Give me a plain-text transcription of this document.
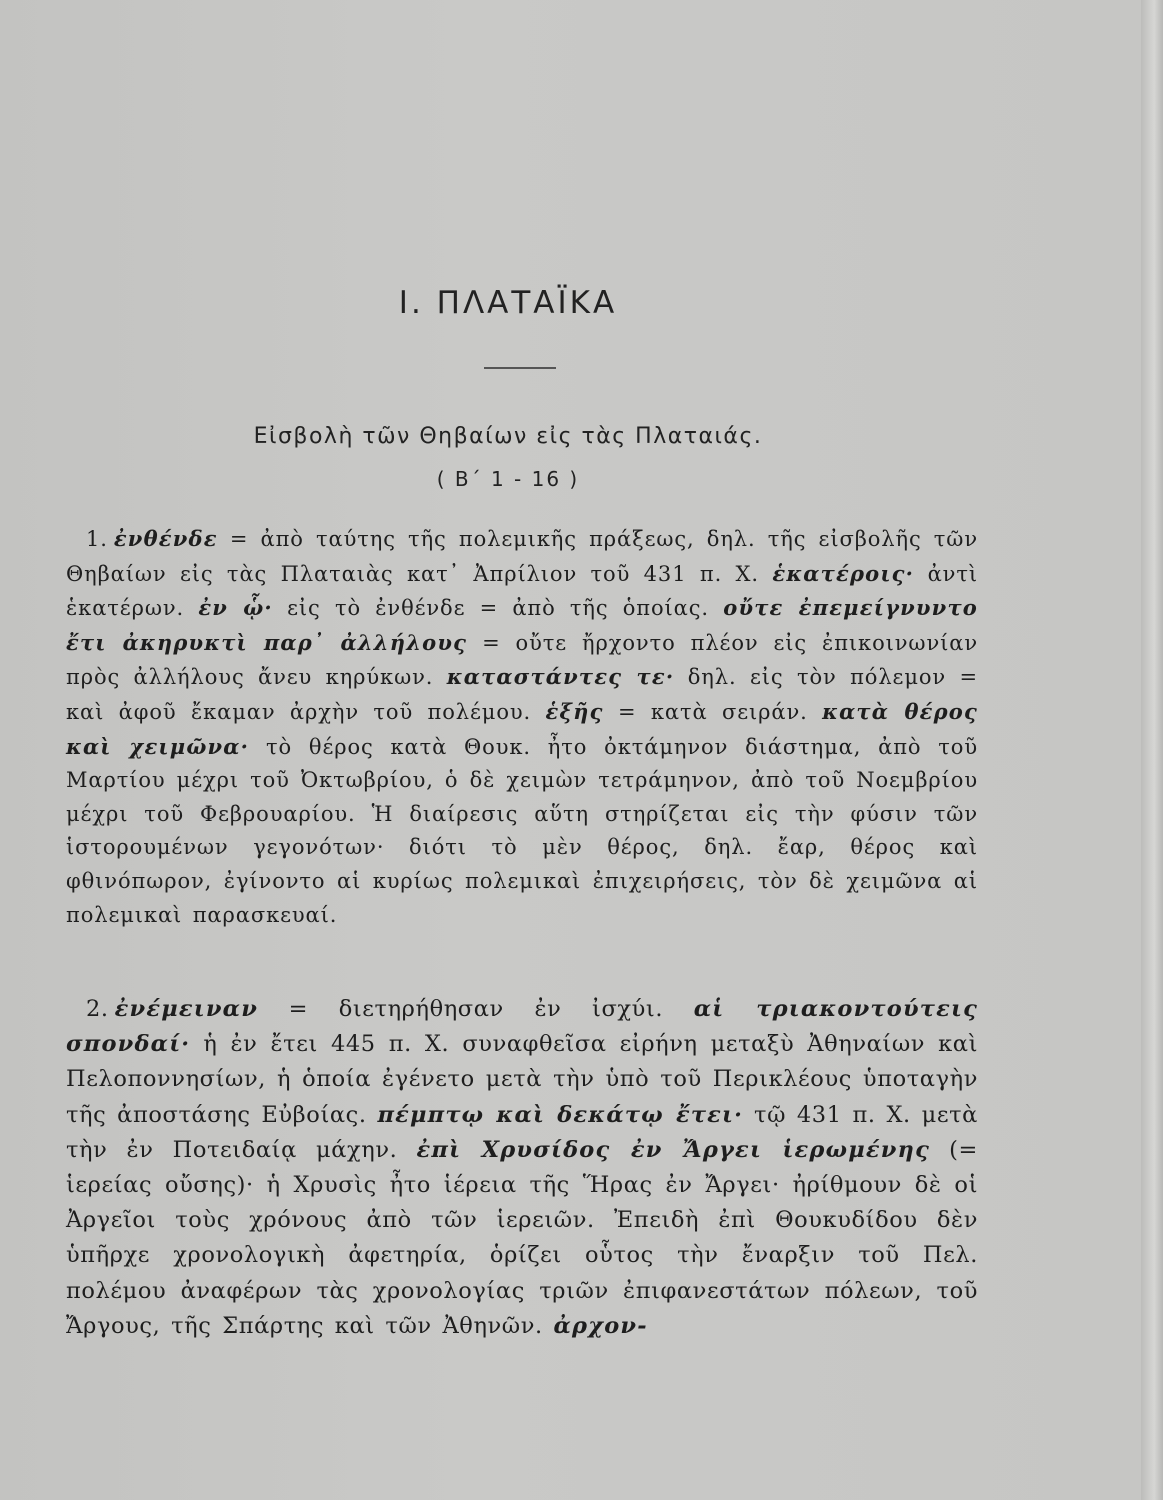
Ι. ΠΛΑΤΑΪΚΑ
Εἰσβολὴ τῶν Θηβαίων εἰς τὰς Πλαταιάς.
( Β΄ 1 - 16 )
1. ἐνθένδε = ἀπὸ ταύτης τῆς πολεμικῆς πράξεως, δηλ. τῆς εἰσβολῆς τῶν Θηβαίων εἰς τὰς Πλαταιὰς κατ᾽ Ἀπρίλιον τοῦ 431 π. Χ. ἑκατέροις· ἀντὶ ἑκατέρων. ἐν ᾧ· εἰς τὸ ἐνθένδε = ἀπὸ τῆς ὁποίας. οὔτε ἐπεμείγνυντο ἔτι ἀκηρυκτὶ παρ᾽ ἀλλήλους = οὔτε ἤρχοντο πλέον εἰς ἐπικοινωνίαν πρὸς ἀλλήλους ἄνευ κηρύκων. καταστάντες τε· δηλ. εἰς τὸν πόλεμον = καὶ ἀφοῦ ἔκαμαν ἀρχὴν τοῦ πολέμου. ἑξῆς = κατὰ σειράν. κατὰ θέρος καὶ χειμῶνα· τὸ θέρος κατὰ Θουκ. ἦτο ὀκτάμηνον διάστημα, ἀπὸ τοῦ Μαρτίου μέχρι τοῦ Ὀκτωβρίου, ὁ δὲ χειμὼν τετράμηνον, ἀπὸ τοῦ Νοεμβρίου μέχρι τοῦ Φεβρουαρίου. Ἡ διαίρεσις αὕτη στηρίζεται εἰς τὴν φύσιν τῶν ἱστορουμένων γεγονότων· διότι τὸ μὲν θέρος, δηλ. ἔαρ, θέρος καὶ φθινόπωρον, ἐγίνοντο αἱ κυρίως πολεμικαὶ ἐπιχειρήσεις, τὸν δὲ χειμῶνα αἱ πολεμικαὶ παρασκευαί.
2. ἐνέμειναν = διετηρήθησαν ἐν ἰσχύι. αἱ τριακοντούτεις σπονδαί· ἡ ἐν ἔτει 445 π. Χ. συναφθεῖσα εἰρήνη μεταξὺ Ἀθηναίων καὶ Πελοποννησίων, ἡ ὁποία ἐγένετο μετὰ τὴν ὑπὸ τοῦ Περικλέους ὑποταγὴν τῆς ἀποστάσης Εὐβοίας. πέμπτῳ καὶ δεκάτῳ ἔτει· τῷ 431 π. Χ. μετὰ τὴν ἐν Ποτειδαίᾳ μάχην. ἐπὶ Χρυσίδος ἐν Ἄργει ἱερωμένης (= ἱερείας οὔσης)· ἡ Χρυσὶς ἦτο ἱέρεια τῆς Ἥρας ἐν Ἄργει· ἠρίθμουν δὲ οἱ Ἀργεῖοι τοὺς χρόνους ἀπὸ τῶν ἱερειῶν. Ἐπειδὴ ἐπὶ Θουκυδίδου δὲν ὑπῆρχε χρονολογικὴ ἀφετηρία, ὁρίζει οὗτος τὴν ἔναρξιν τοῦ Πελ. πολέμου ἀναφέρων τὰς χρονολογίας τριῶν ἐπιφανεστάτων πόλεων, τοῦ Ἄργους, τῆς Σπάρτης καὶ τῶν Ἀθηνῶν. ἀρχον-
